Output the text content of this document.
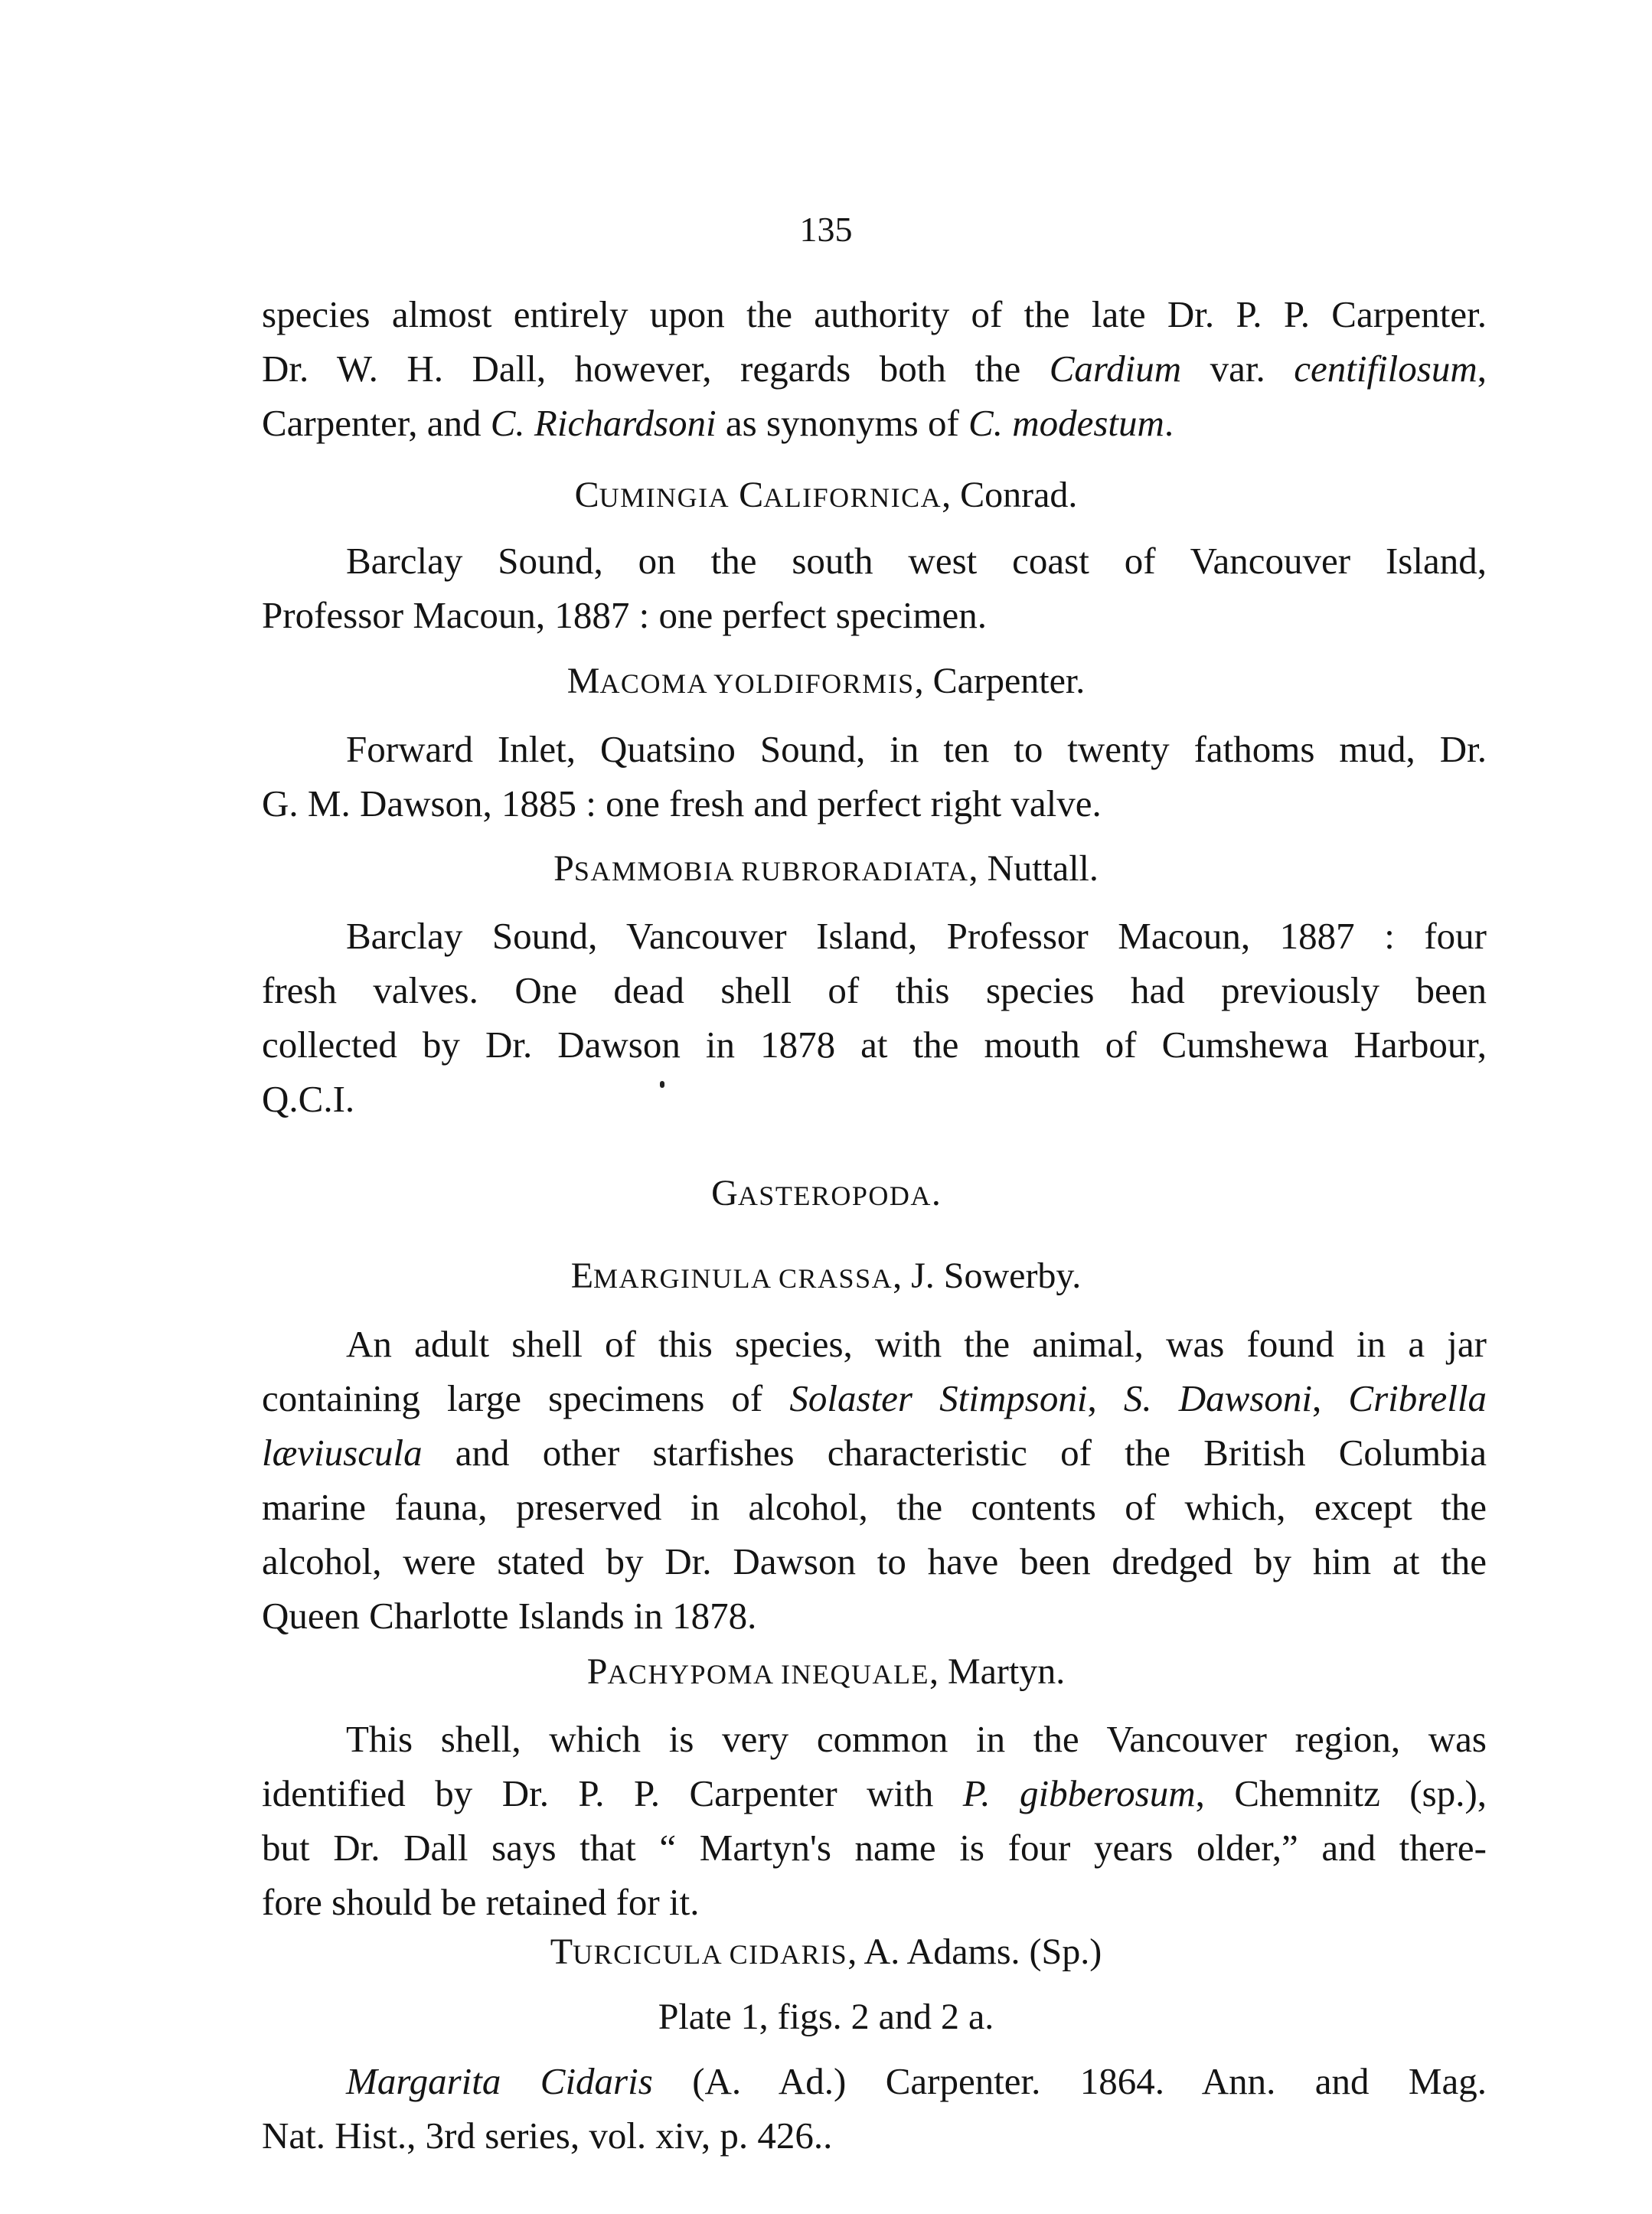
135
species almost entirely upon the authority of the late Dr. P. P. Carpenter.
Dr. W. H. Dall, however, regards both the Cardium var. centifilosum,
Carpenter, and C. Richardsoni as synonyms of C. modestum.
CUMINGIA CALIFORNICA, Conrad.
Barclay Sound, on the south west coast of Vancouver Island,
Professor Macoun, 1887 : one perfect specimen.
MACOMA YOLDIFORMIS, Carpenter.
Forward Inlet, Quatsino Sound, in ten to twenty fathoms mud, Dr.
G. M. Dawson, 1885 : one fresh and perfect right valve.
PSAMMOBIA RUBRORADIATA, Nuttall.
Barclay Sound, Vancouver Island, Professor Macoun, 1887 : four
fresh valves. One dead shell of this species had previously been
collected by Dr. Dawson in 1878 at the mouth of Cumshewa Harbour,
Q.C.I.
GASTEROPODA.
EMARGINULA CRASSA, J. Sowerby.
An adult shell of this species, with the animal, was found in a jar
containing large specimens of Solaster Stimpsoni, S. Dawsoni, Cribrella
læviuscula and other starfishes characteristic of the British Columbia
marine fauna, preserved in alcohol, the contents of which, except the
alcohol, were stated by Dr. Dawson to have been dredged by him at the
Queen Charlotte Islands in 1878.
PACHYPOMA INEQUALE, Martyn.
This shell, which is very common in the Vancouver region, was
identified by Dr. P. P. Carpenter with P. gibberosum, Chemnitz (sp.),
but Dr. Dall says that “ Martyn's name is four years older,” and there-
fore should be retained for it.
TURCICULA CIDARIS, A. Adams. (Sp.)
Plate 1, figs. 2 and 2 a.
Margarita Cidaris (A. Ad.) Carpenter. 1864. Ann. and Mag.
Nat. Hist., 3rd series, vol. xiv, p. 426..
